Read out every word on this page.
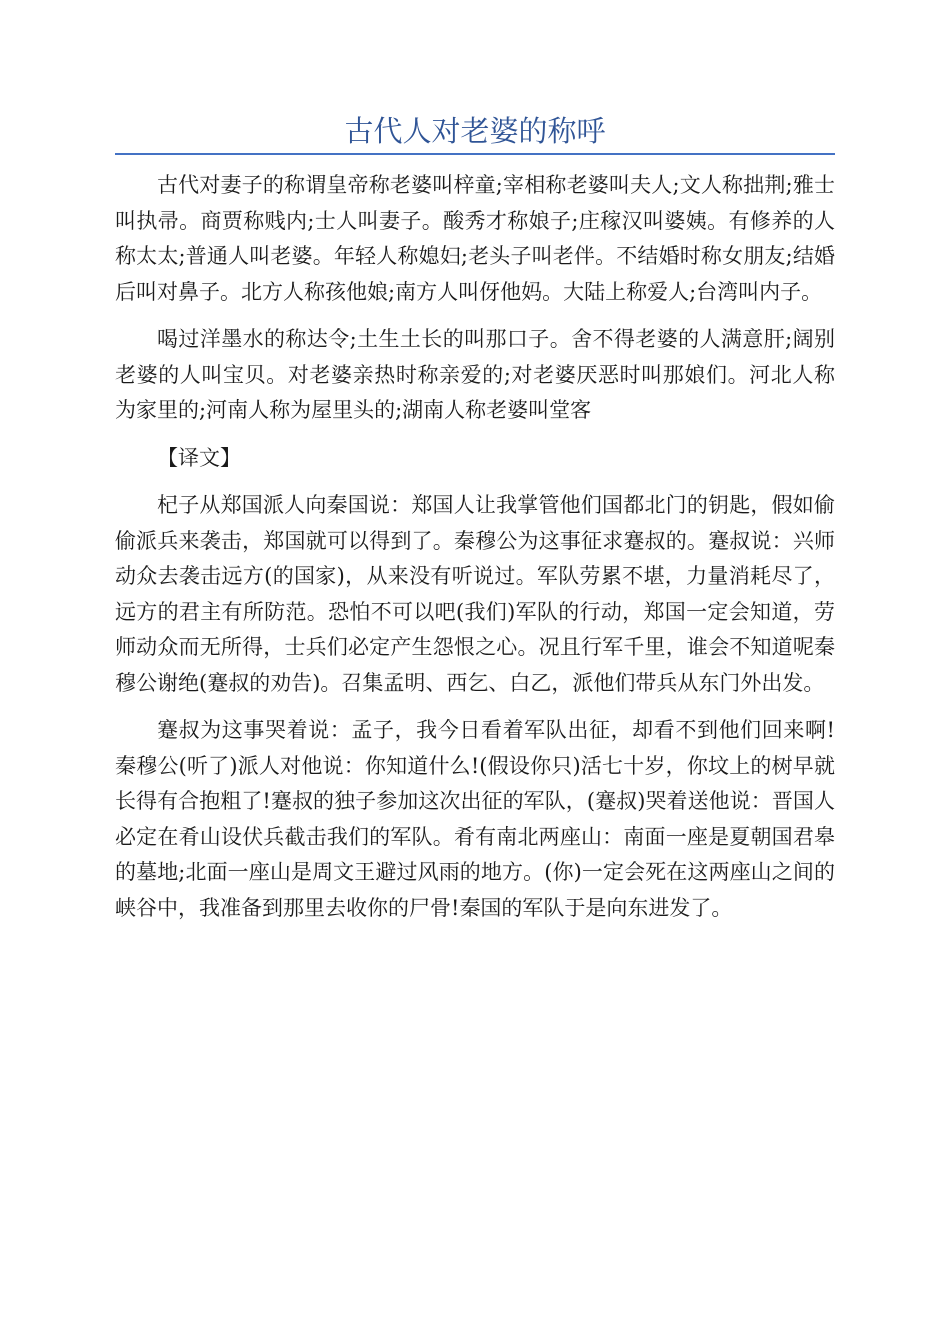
古代人对老婆的称呼

古代对妻子的称谓皇帝称老婆叫梓童;宰相称老婆叫夫人;文人称拙荆;雅士叫执帚。商贾称贱内;士人叫妻子。酸秀才称娘子;庄稼汉叫婆姨。有修养的人称太太;普通人叫老婆。年轻人称媳妇;老头子叫老伴。不结婚时称女朋友;结婚后叫对鼻子。北方人称孩他娘;南方人叫伢他妈。大陆上称爱人;台湾叫内子。

喝过洋墨水的称达令;土生土长的叫那口子。舍不得老婆的人满意肝;阔别老婆的人叫宝贝。对老婆亲热时称亲爱的;对老婆厌恶时叫那娘们。河北人称为家里的;河南人称为屋里头的;湖南人称老婆叫堂客

【译文】

杞子从郑国派人向秦国说：郑国人让我掌管他们国都北门的钥匙，假如偷偷派兵来袭击，郑国就可以得到了。秦穆公为这事征求蹇叔的。蹇叔说：兴师动众去袭击远方(的国家)，从来没有听说过。军队劳累不堪，力量消耗尽了，远方的君主有所防范。恐怕不可以吧(我们)军队的行动，郑国一定会知道，劳师动众而无所得，士兵们必定产生怨恨之心。况且行军千里，谁会不知道呢秦穆公谢绝(蹇叔的劝告)。召集孟明、西乞、白乙，派他们带兵从东门外出发。

蹇叔为这事哭着说：孟子，我今日看着军队出征，却看不到他们回来啊!秦穆公(听了)派人对他说：你知道什么!(假设你只)活七十岁，你坟上的树早就长得有合抱粗了!蹇叔的独子参加这次出征的军队，(蹇叔)哭着送他说：晋国人必定在肴山设伏兵截击我们的军队。肴有南北两座山：南面一座是夏朝国君皋的墓地;北面一座山是周文王避过风雨的地方。(你)一定会死在这两座山之间的峡谷中，我准备到那里去收你的尸骨!秦国的军队于是向东进发了。
